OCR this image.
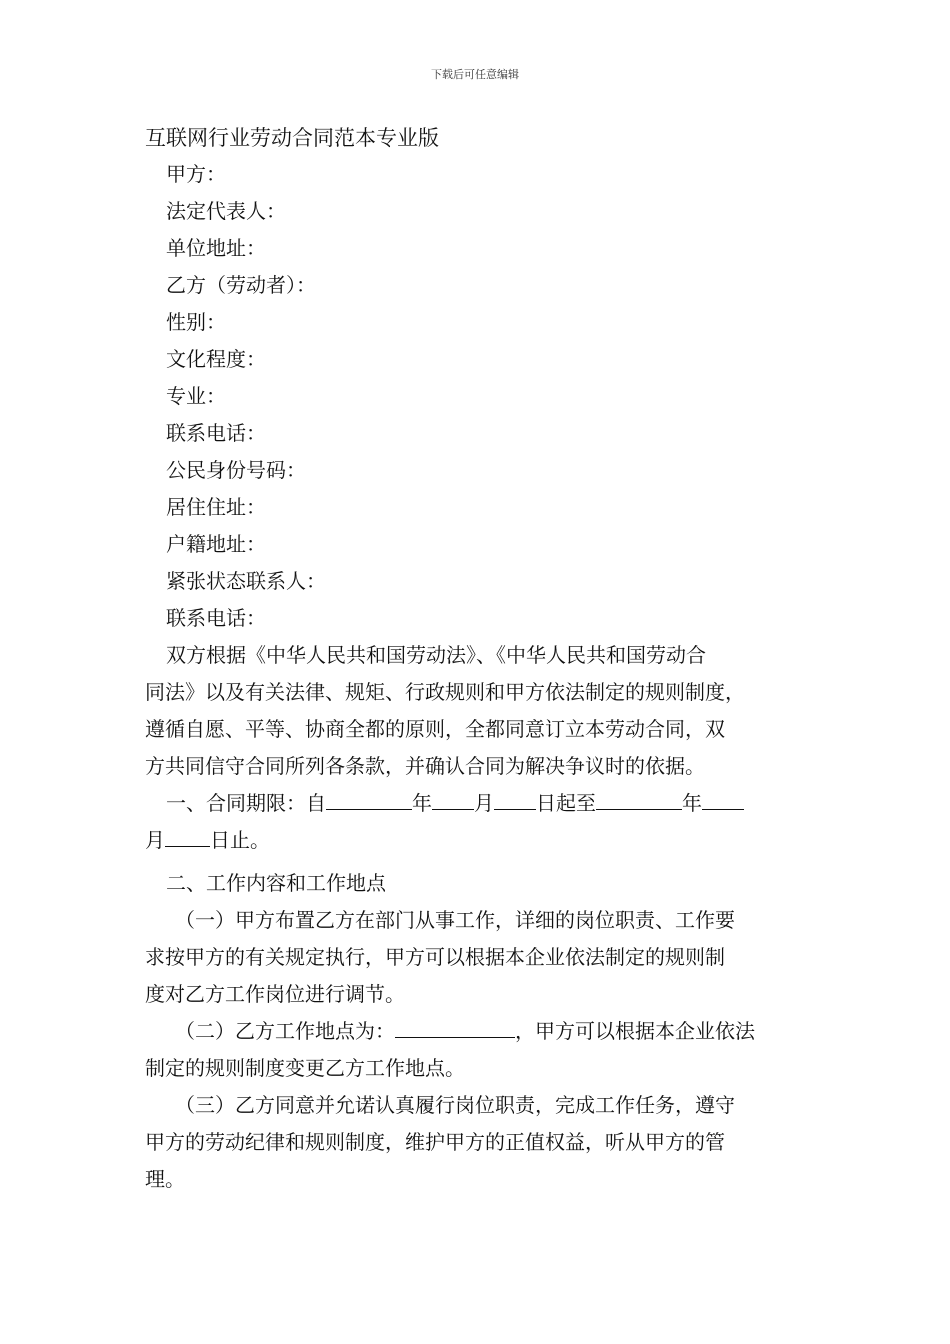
下载后可任意编辑
互联网行业劳动合同范本专业版
甲方：
法定代表人：
单位地址：
乙方（劳动者）：
性别：
文化程度：
专业：
联系电话：
公民身份号码：
居住住址：
户籍地址：
紧张状态联系人：
联系电话：

双方根据《中华人民共和国劳动法》、《中华人民共和国劳动合
同法》以及有关法律、规矩、行政规则和甲方依法制定的规则制度，
遵循自愿、平等、协商全都的原则，全都同意订立本劳动合同，双
方共同信守合同所列各条款，并确认合同为解决争议时的依据。

一、合同期限：自	年 月 日起至	年
月 日止。

二、工作内容和工作地点

（一）甲方布置乙方在部门从事工作，详细的岗位职责、工作要
求按甲方的有关规定执行，甲方可以根据本企业依法制定的规则制
度对乙方工作岗位进行调节。

（二）乙方工作地点为：	，甲方可以根据本企业依法
制定的规则制度变更乙方工作地点。

（三）乙方同意并允诺认真履行岗位职责，完成工作任务，遵守
甲方的劳动纪律和规则制度，维护甲方的正值权益，听从甲方的管
理。
